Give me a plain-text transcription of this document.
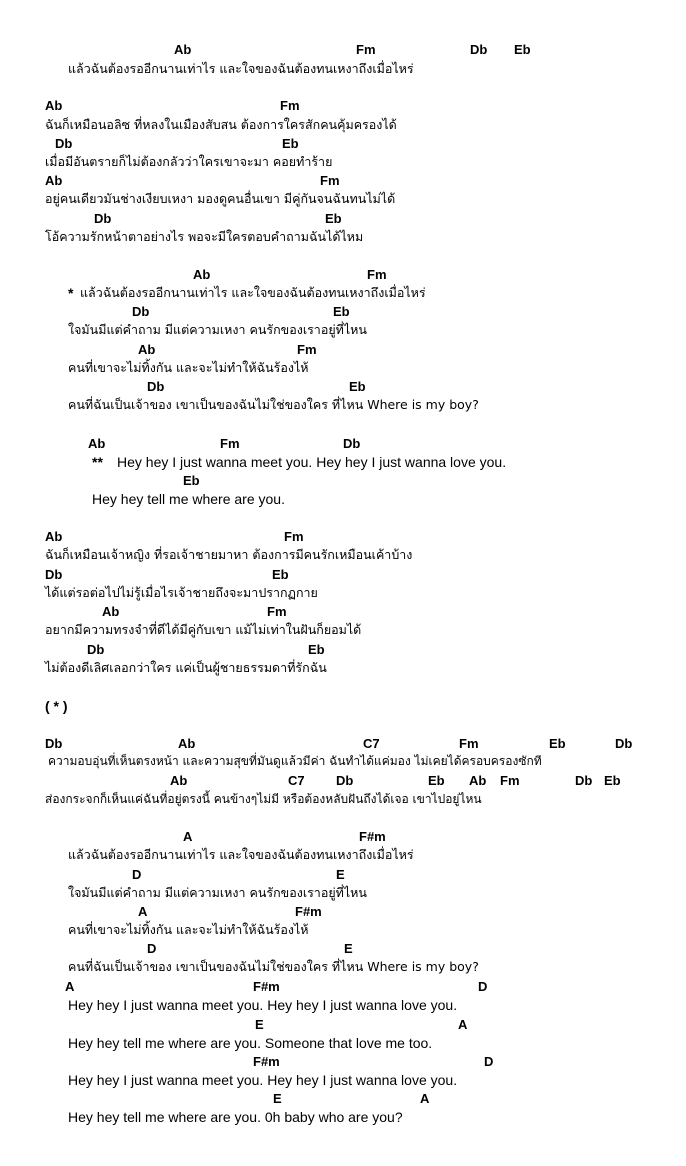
Ab	Fm	Db Eb
แล้วฉันต้องรออีกนานเท่าไร และใจของฉันต้องทนเหงาถึงเมื่อไหร่
Ab	Fm
ฉันก็เหมือนอลิซ ที่หลงในเมืองสับสน ต้องการใครสักคนคุ้มครองได้
Db	Eb
เมื่อมีอันตรายก็ไม่ต้องกลัวว่าใครเขาจะมา คอยทำร้าย
Ab	Fm
อยู่คนเดียวมันช่างเงียบเหงา มองดูคนอื่นเขา มีคู่กันจนฉันทนไม่ได้
Db	Eb
โอ้ความรักหน้าตาอย่างไร พอจะมีใครตอบคำถามฉันได้ไหม
Ab	Fm
* แล้วฉันต้องรออีกนานเท่าไร และใจของฉันต้องทนเหงาถึงเมื่อไหร่
Db	Eb
ใจมันมีแต่คำถาม มีแต่ความเหงา คนรักของเราอยู่ที่ไหน
Ab	Fm
คนที่เขาจะไม่ทิ้งกัน และจะไม่ทำให้ฉันร้องไห้
Db	Eb
คนที่ฉันเป็นเจ้าของ เขาเป็นของฉันไม่ใช่ของใคร ที่ไหน Where is my boy?
Ab	Fm	Db
** Hey hey I just wanna meet you. Hey hey I just wanna love you.
Eb
Hey hey tell me where are you.
Ab	Fm
ฉันก็เหมือนเจ้าหญิง ที่รอเจ้าชายมาหา ต้องการมีคนรักเหมือนเค้าบ้าง
Db	Eb
ได้แต่รอต่อไปไม่รู้เมื่อไรเจ้าชายถึงจะมาปรากฏกาย
Ab	Fm
อยากมีความทรงจำที่ดีได้มีคู่กับเขา แม้ไม่เท่าในฝันก็ยอมได้
Db	Eb
ไม่ต้องดีเลิศเลอกว่าใคร แค่เป็นผู้ชายธรรมดาที่รักฉัน
( * )
Db	Ab	C7	Fm	Eb	Db
ความอบอุ่นที่เห็นตรงหน้า และความสุขที่มันดูแล้วมีค่า ฉันทำได้แค่มอง ไม่เคยได้ครอบครองซักที
Ab	C7 Db	Eb Ab Fm	Db Eb
ส่องกระจกก็เห็นแค่ฉันที่อยู่ตรงนี้ คนข้างๆไม่มี หรือต้องหลับฝันถึงได้เจอ เขาไปอยู่ไหน
A	F#m
แล้วฉันต้องรออีกนานเท่าไร และใจของฉันต้องทนเหงาถึงเมื่อไหร่
D	E
ใจมันมีแต่คำถาม มีแต่ความเหงา คนรักของเราอยู่ที่ไหน
A	F#m
คนที่เขาจะไม่ทิ้งกัน และจะไม่ทำให้ฉันร้องไห้
D	E
คนที่ฉันเป็นเจ้าของ เขาเป็นของฉันไม่ใช่ของใคร ที่ไหน Where is my boy?
A	F#m	D
Hey hey I just wanna meet you. Hey hey I just wanna love you.
E	A
Hey hey tell me where are you. Someone that love me too.
F#m	D
Hey hey I just wanna meet you. Hey hey I just wanna love you.
E	A
Hey hey tell me where are you. 0h baby who are you?
